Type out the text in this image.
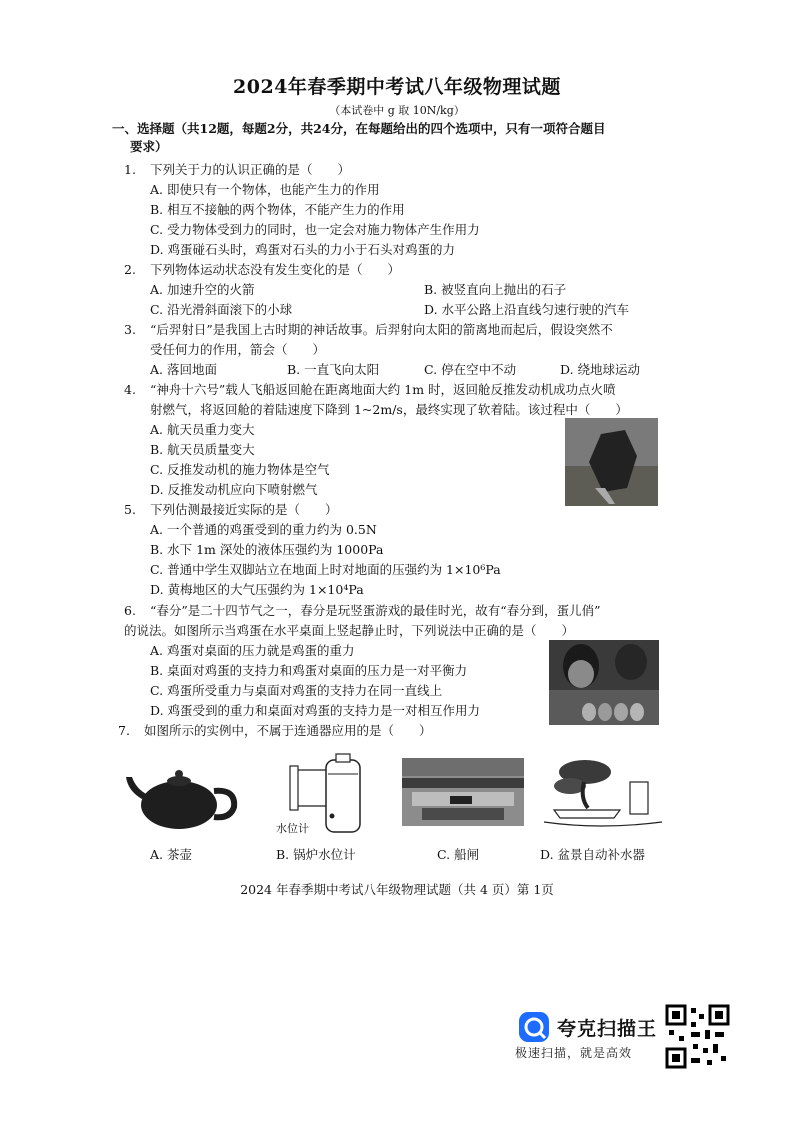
2024年春季期中考试八年级物理试题
（本试卷中 g 取 10N/kg）
一、选择题（共12题，每题2分，共24分，在每题给出的四个选项中，只有一项符合题目
要求）
1. 下列关于力的认识正确的是（　　）
A. 即使只有一个物体，也能产生力的作用
B. 相互不接触的两个物体，不能产生力的作用
C. 受力物体受到力的同时，也一定会对施力物体产生作用力
D. 鸡蛋碰石头时，鸡蛋对石头的力小于石头对鸡蛋的力
2. 下列物体运动状态没有发生变化的是（　　）
A. 加速升空的火箭	B. 被竖直向上抛出的石子
C. 沿光滑斜面滚下的小球	D. 水平公路上沿直线匀速行驶的汽车
3. “后羿射日”是我国上古时期的神话故事。后羿射向太阳的箭离地而起后，假设突然不
受任何力的作用，箭会（　　）
A. 落回地面	B. 一直飞向太阳	C. 停在空中不动	D. 绕地球运动
4. “神舟十六号”载人飞船返回舱在距离地面大约 1m 时，返回舱反推发动机成功点火喷
射燃气，将返回舱的着陆速度下降到 1~2m/s，最终实现了软着陆。该过程中（　　）
A. 航天员重力变大
B. 航天员质量变大
C. 反推发动机的施力物体是空气
D. 反推发动机应向下喷射燃气
5. 下列估测最接近实际的是（　　）
A. 一个普通的鸡蛋受到的重力约为 0.5N
B. 水下 1m 深处的液体压强约为 1000Pa
C. 普通中学生双脚站立在地面上时对地面的压强约为 1×10⁶Pa
D. 黄梅地区的大气压强约为 1×10⁴Pa
6. “春分”是二十四节气之一，春分是玩竖蛋游戏的最佳时光，故有“春分到，蛋儿俏”
的说法。如图所示当鸡蛋在水平桌面上竖起静止时，下列说法中正确的是（　　）
A. 鸡蛋对桌面的压力就是鸡蛋的重力
B. 桌面对鸡蛋的支持力和鸡蛋对桌面的压力是一对平衡力
C. 鸡蛋所受重力与桌面对鸡蛋的支持力在同一直线上
D. 鸡蛋受到的重力和桌面对鸡蛋的支持力是一对相互作用力
7. 如图所示的实例中，不属于连通器应用的是（　　）
A. 茶壶
水位计
B. 锅炉水位计	C. 船闸	D. 盆景自动补水器
2024 年春季期中考试八年级物理试题（共 4 页）第 1页
夸克扫描王
极速扫描，就是高效
